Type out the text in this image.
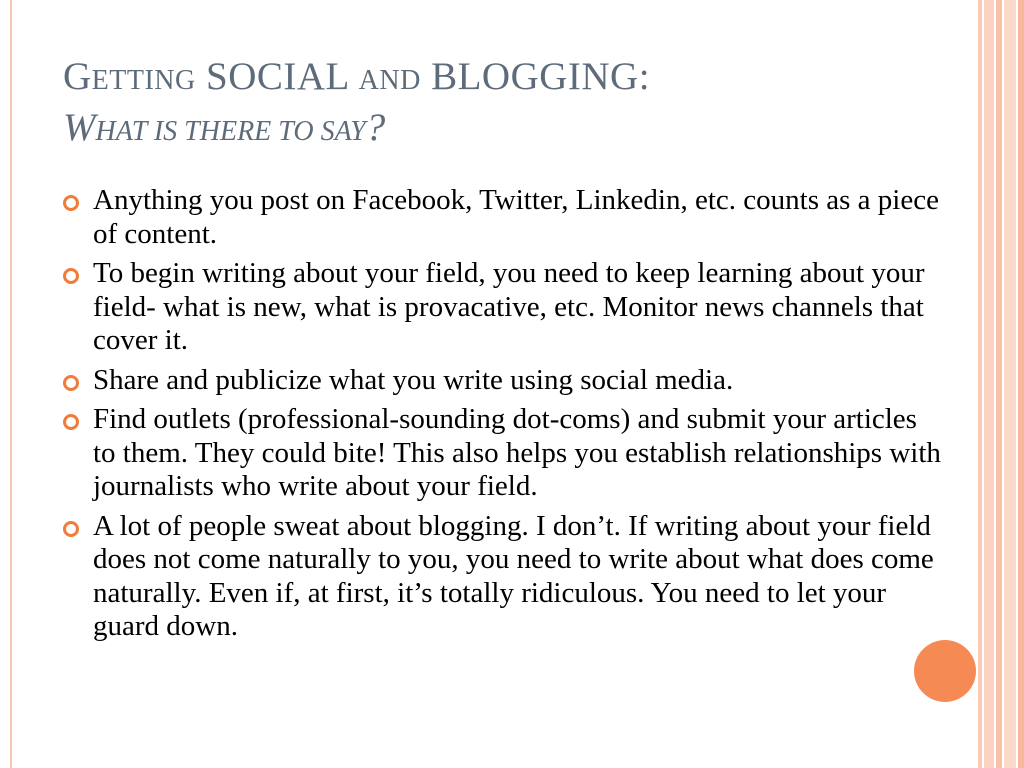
GETTING SOCIAL AND BLOGGING:
WHAT IS THERE TO SAY?
Anything you post on Facebook, Twitter, Linkedin, etc. counts as a piece of content.
To begin writing about your field, you need to keep learning about your field- what is new, what is provacative, etc. Monitor news channels that cover it.
Share and publicize what you write using social media.
Find outlets (professional-sounding dot-coms) and submit your articles to them. They could bite! This also helps you establish relationships with journalists who write about your field.
A lot of people sweat about blogging. I don’t. If writing about your field does not come naturally to you, you need to write about what does come naturally. Even if, at first, it’s totally ridiculous. You need to let your guard down.
